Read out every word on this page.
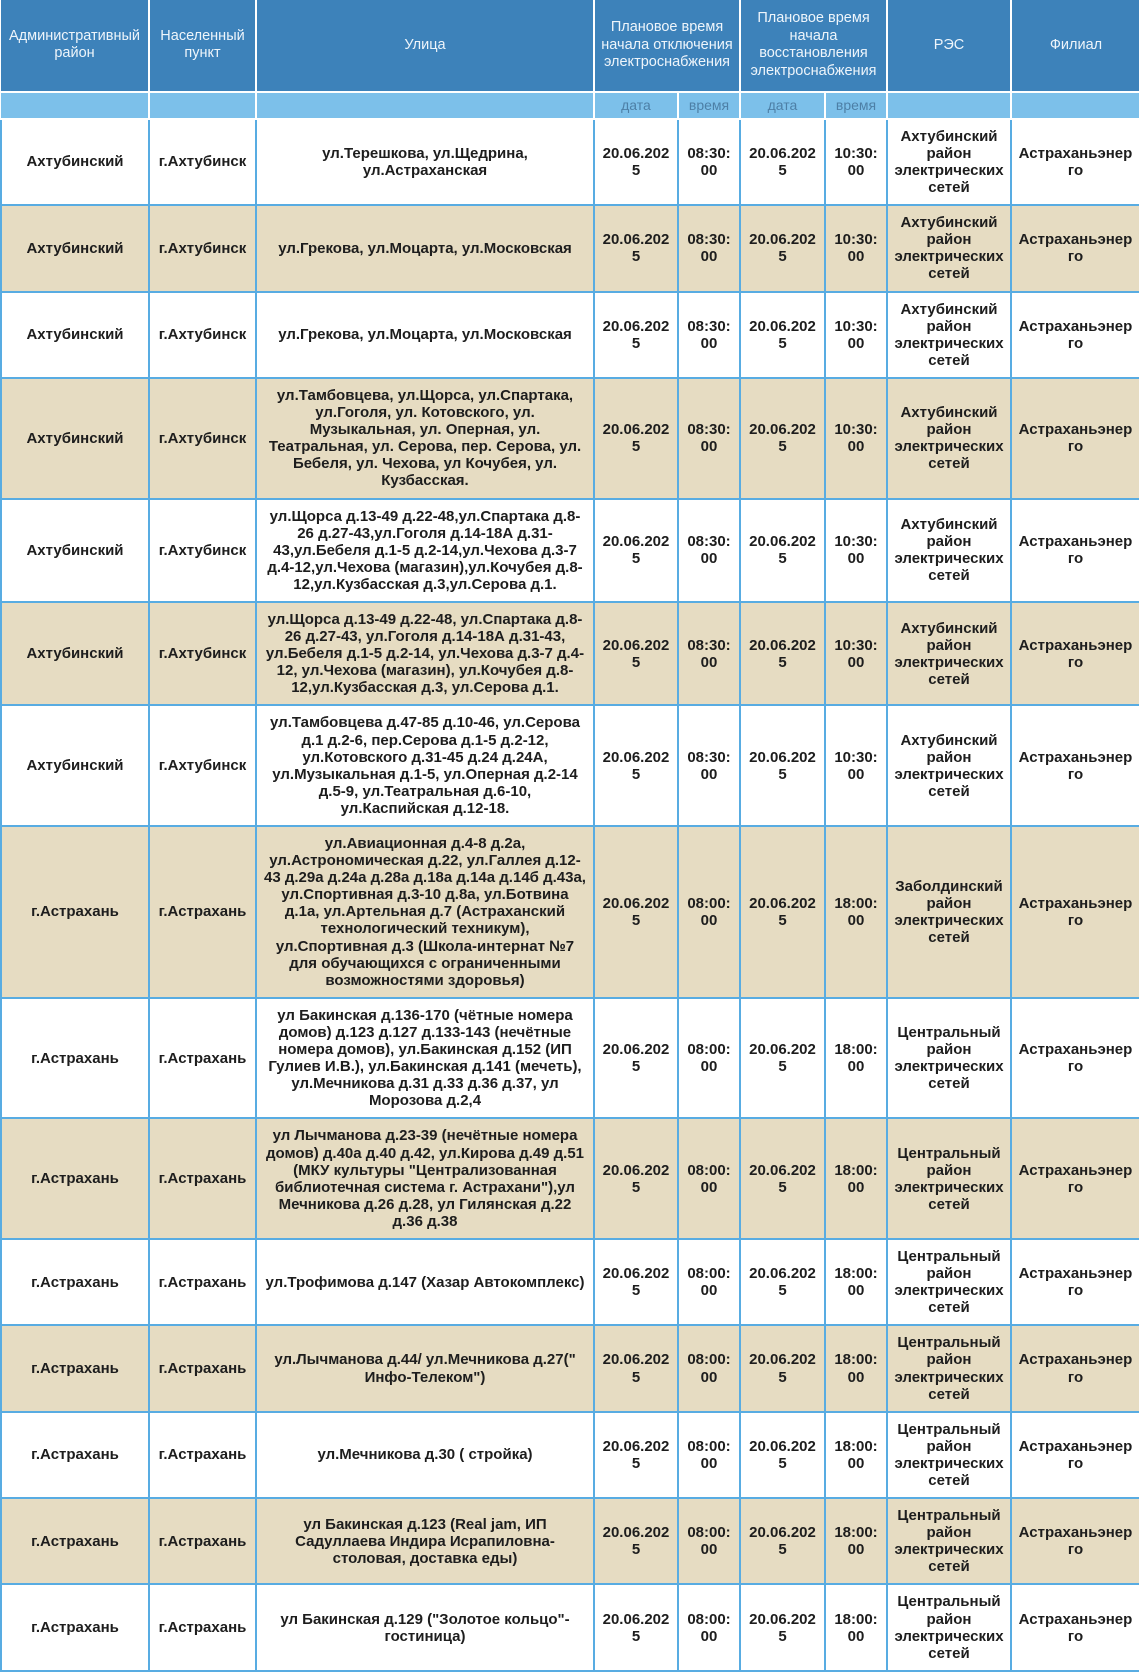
Административный район	Населенный пункт	Улица	Плановое время начала отключения электроснабжения		Плановое время начала восстановления электроснабжения		РЭС	Филиал
			дата	время	дата	время		
Ахтубинский	г.Ахтубинск	ул.Терешкова, ул.Щедрина, ул.Астраханская	20.06.2025	08:30:00	20.06.2025	10:30:00	Ахтубинский район электрических сетей	Астраханьэнерго
Ахтубинский	г.Ахтубинск	ул.Грекова, ул.Моцарта, ул.Московская	20.06.2025	08:30:00	20.06.2025	10:30:00	Ахтубинский район электрических сетей	Астраханьэнерго
Ахтубинский	г.Ахтубинск	ул.Грекова, ул.Моцарта, ул.Московская	20.06.2025	08:30:00	20.06.2025	10:30:00	Ахтубинский район электрических сетей	Астраханьэнерго
Ахтубинский	г.Ахтубинск	ул.Тамбовцева, ул.Щорса, ул.Спартака, ул.Гоголя, ул. Котовского, ул. Музыкальная, ул. Оперная, ул. Театральная, ул. Серова, пер. Серова, ул. Бебеля, ул. Чехова, ул Кочубея, ул. Кузбасская.	20.06.2025	08:30:00	20.06.2025	10:30:00	Ахтубинский район электрических сетей	Астраханьэнерго
Ахтубинский	г.Ахтубинск	ул.Щорса д.13-49 д.22-48,ул.Спартака д.8-26 д.27-43,ул.Гоголя д.14-18А д.31-43,ул.Бебеля д.1-5 д.2-14,ул.Чехова д.3-7 д.4-12,ул.Чехова (магазин),ул.Кочубея д.8-12,ул.Кузбасская д.3,ул.Серова д.1.	20.06.2025	08:30:00	20.06.2025	10:30:00	Ахтубинский район электрических сетей	Астраханьэнерго
Ахтубинский	г.Ахтубинск	ул.Щорса д.13-49 д.22-48, ул.Спартака д.8-26 д.27-43, ул.Гоголя д.14-18А д.31-43, ул.Бебеля д.1-5 д.2-14, ул.Чехова д.3-7 д.4-12, ул.Чехова (магазин), ул.Кочубея д.8-12,ул.Кузбасская д.3, ул.Серова д.1.	20.06.2025	08:30:00	20.06.2025	10:30:00	Ахтубинский район электрических сетей	Астраханьэнерго
Ахтубинский	г.Ахтубинск	ул.Тамбовцева д.47-85 д.10-46, ул.Серова д.1 д.2-6, пер.Серова д.1-5 д.2-12, ул.Котовского д.31-45 д.24 д.24А, ул.Музыкальная д.1-5, ул.Оперная д.2-14 д.5-9, ул.Театральная д.6-10, ул.Каспийская д.12-18.	20.06.2025	08:30:00	20.06.2025	10:30:00	Ахтубинский район электрических сетей	Астраханьэнерго
г.Астрахань	г.Астрахань	ул.Авиационная д.4-8 д.2а, ул.Астрономическая д.22, ул.Галлея д.12-43 д.29а д.24а д.28а д.18а д.14а д.14б д.43а, ул.Спортивная д.3-10 д.8а, ул.Ботвина д.1а, ул.Артельная д.7 (Астраханский технологический техникум), ул.Спортивная д.3 (Школа-интернат №7 для обучающихся с ограниченными возможностями здоровья)	20.06.2025	08:00:00	20.06.2025	18:00:00	Заболдинский район электрических сетей	Астраханьэнерго
г.Астрахань	г.Астрахань	ул Бакинская д.136-170 (чётные номера домов) д.123 д.127 д.133-143 (нечётные номера домов), ул.Бакинская д.152 (ИП Гулиев И.В.), ул.Бакинская д.141 (мечеть), ул.Мечникова д.31 д.33 д.36 д.37, ул Морозова д.2,4	20.06.2025	08:00:00	20.06.2025	18:00:00	Центральный район электрических сетей	Астраханьэнерго
г.Астрахань	г.Астрахань	ул Лычманова д.23-39 (нечётные номера домов) д.40а д.40 д.42, ул.Кирова д.49 д.51 (МКУ культуры "Централизованная библиотечная система г. Астрахани"),ул Мечникова д.26 д.28, ул Гилянская д.22 д.36 д.38	20.06.2025	08:00:00	20.06.2025	18:00:00	Центральный район электрических сетей	Астраханьэнерго
г.Астрахань	г.Астрахань	ул.Трофимова д.147 (Хазар Автокомплекс)	20.06.2025	08:00:00	20.06.2025	18:00:00	Центральный район электрических сетей	Астраханьэнерго
г.Астрахань	г.Астрахань	ул.Лычманова д.44/ ул.Мечникова д.27(" Инфо-Телеком")	20.06.2025	08:00:00	20.06.2025	18:00:00	Центральный район электрических сетей	Астраханьэнерго
г.Астрахань	г.Астрахань	ул.Мечникова д.30 ( стройка)	20.06.2025	08:00:00	20.06.2025	18:00:00	Центральный район электрических сетей	Астраханьэнерго
г.Астрахань	г.Астрахань	ул Бакинская д.123 (Real jam, ИП Садуллаева Индира Исрапиловна- столовая, доставка еды)	20.06.2025	08:00:00	20.06.2025	18:00:00	Центральный район электрических сетей	Астраханьэнерго
г.Астрахань	г.Астрахань	ул Бакинская д.129 ("Золотое кольцо"- гостиница)	20.06.2025	08:00:00	20.06.2025	18:00:00	Центральный район электрических сетей	Астраханьэнерго
